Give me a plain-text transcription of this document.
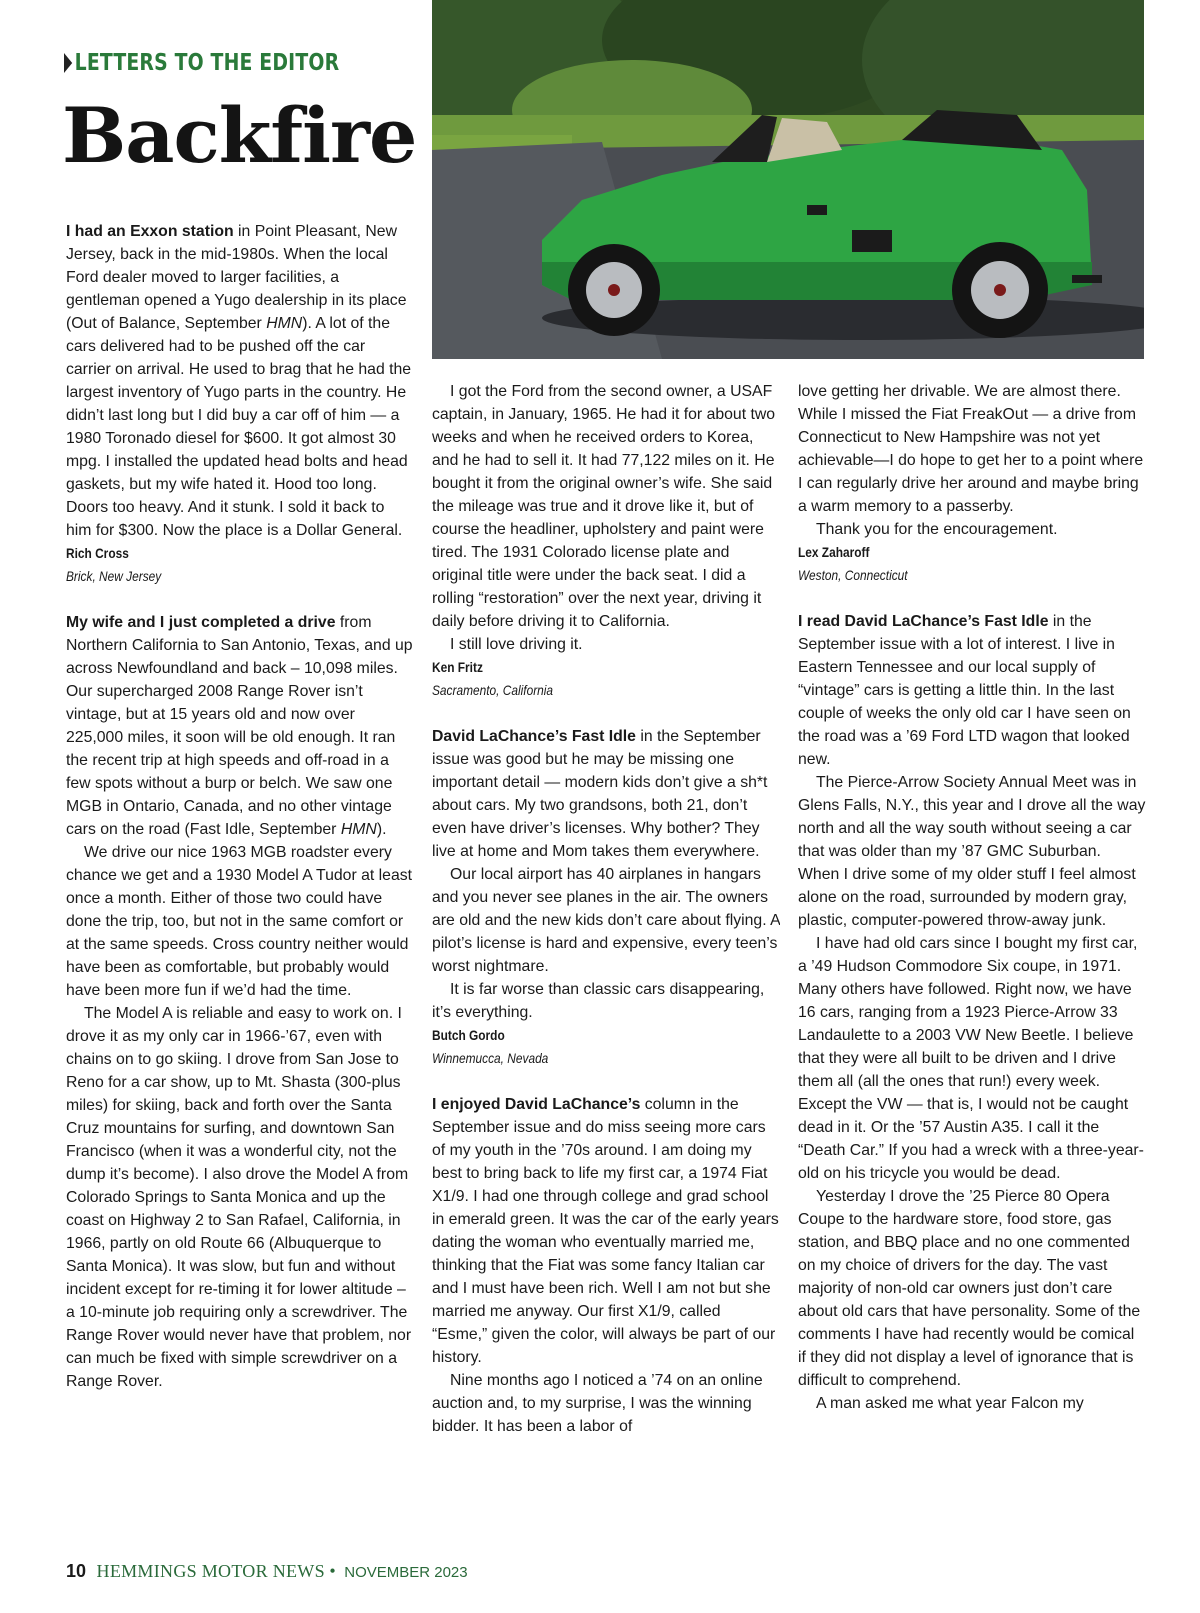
LETTERS TO THE EDITOR
Backfire

I had an Exxon station in Point Pleasant, New Jersey, back in the mid-1980s. When the local Ford dealer moved to larger facilities, a gentleman opened a Yugo dealership in its place (Out of Balance, September HMN). A lot of the cars delivered had to be pushed off the car carrier on arrival. He used to brag that he had the largest inventory of Yugo parts in the country. He didn’t last long but I did buy a car off of him — a 1980 Toronado diesel for $600. It got almost 30 mpg. I installed the updated head bolts and head gaskets, but my wife hated it. Hood too long. Doors too heavy. And it stunk. I sold it back to him for $300. Now the place is a Dollar General.

Rich Cross

Brick, New Jersey

My wife and I just completed a drive from Northern California to San Antonio, Texas, and up across Newfoundland and back – 10,098 miles. Our supercharged 2008 Range Rover isn’t vintage, but at 15 years old and now over 225,000 miles, it soon will be old enough. It ran the recent trip at high speeds and off-road in a few spots without a burp or belch. We saw one MGB in Ontario, Canada, and no other vintage cars on the road (Fast Idle, September HMN).

We drive our nice 1963 MGB roadster every chance we get and a 1930 Model A Tudor at least once a month. Either of those two could have done the trip, too, but not in the same comfort or at the same speeds. Cross country neither would have been as comfortable, but probably would have been more fun if we’d had the time.

The Model A is reliable and easy to work on. I drove it as my only car in 1966-’67, even with chains on to go skiing. I drove from San Jose to Reno for a car show, up to Mt. Shasta (300-plus miles) for skiing, back and forth over the Santa Cruz mountains for surfing, and downtown San Francisco (when it was a wonderful city, not the dump it’s become). I also drove the Model A from Colorado Springs to Santa Monica and up the coast on Highway 2 to San Rafael, California, in 1966, partly on old Route 66 (Albuquerque to Santa Monica). It was slow, but fun and without incident except for re-timing it for lower altitude – a 10-minute job requiring only a screwdriver. The Range Rover would never have that problem, nor can much be fixed with simple screwdriver on a Range Rover.

I got the Ford from the second owner, a USAF captain, in January, 1965. He had it for about two weeks and when he received orders to Korea, and he had to sell it. It had 77,122 miles on it. He bought it from the original owner’s wife. She said the mileage was true and it drove like it, but of course the headliner, upholstery and paint were tired. The 1931 Colorado license plate and original title were under the back seat. I did a rolling “restoration” over the next year, driving it daily before driving it to California.

I still love driving it.

Ken Fritz

Sacramento, California

David LaChance’s Fast Idle in the September issue was good but he may be missing one important detail — modern kids don’t give a sh*t about cars. My two grandsons, both 21, don’t even have driver’s licenses. Why bother? They live at home and Mom takes them everywhere.

Our local airport has 40 airplanes in hangars and you never see planes in the air. The owners are old and the new kids don’t care about flying. A pilot’s license is hard and expensive, every teen’s worst nightmare.

It is far worse than classic cars disappearing, it’s everything.

Butch Gordo

Winnemucca, Nevada

I enjoyed David LaChance’s column in the September issue and do miss seeing more cars of my youth in the ’70s around. I am doing my best to bring back to life my first car, a 1974 Fiat X1/9. I had one through college and grad school in emerald green. It was the car of the early years dating the woman who eventually married me, thinking that the Fiat was some fancy Italian car and I must have been rich. Well I am not but she married me anyway. Our first X1/9, called “Esme,” given the color, will always be part of our history.

Nine months ago I noticed a ’74 on an online auction and, to my surprise, I was the winning bidder. It has been a labor of

love getting her drivable. We are almost there. While I missed the Fiat FreakOut — a drive from Connecticut to New Hampshire was not yet achievable—I do hope to get her to a point where I can regularly drive her around and maybe bring a warm memory to a passerby.

Thank you for the encouragement.

Lex Zaharoff

Weston, Connecticut

I read David LaChance’s Fast Idle in the September issue with a lot of interest. I live in Eastern Tennessee and our local supply of “vintage” cars is getting a little thin. In the last couple of weeks the only old car I have seen on the road was a ’69 Ford LTD wagon that looked new.

The Pierce-Arrow Society Annual Meet was in Glens Falls, N.Y., this year and I drove all the way north and all the way south without seeing a car that was older than my ’87 GMC Suburban. When I drive some of my older stuff I feel almost alone on the road, surrounded by modern gray, plastic, computer-powered throw-away junk.

I have had old cars since I bought my first car, a ’49 Hudson Commodore Six coupe, in 1971. Many others have followed. Right now, we have 16 cars, ranging from a 1923 Pierce-Arrow 33 Landaulette to a 2003 VW New Beetle. I believe that they were all built to be driven and I drive them all (all the ones that run!) every week. Except the VW — that is, I would not be caught dead in it. Or the ’57 Austin A35. I call it the “Death Car.” If you had a wreck with a three-year-old on his tricycle you would be dead.

Yesterday I drove the ’25 Pierce 80 Opera Coupe to the hardware store, food store, gas station, and BBQ place and no one commented on my choice of drivers for the day. The vast majority of non-old car owners just don’t care about old cars that have personality. Some of the comments I have had recently would be comical if they did not display a level of ignorance that is difficult to comprehend.

A man asked me what year Falcon my

10 HEMMINGS MOTOR NEWS • NOVEMBER 2023
